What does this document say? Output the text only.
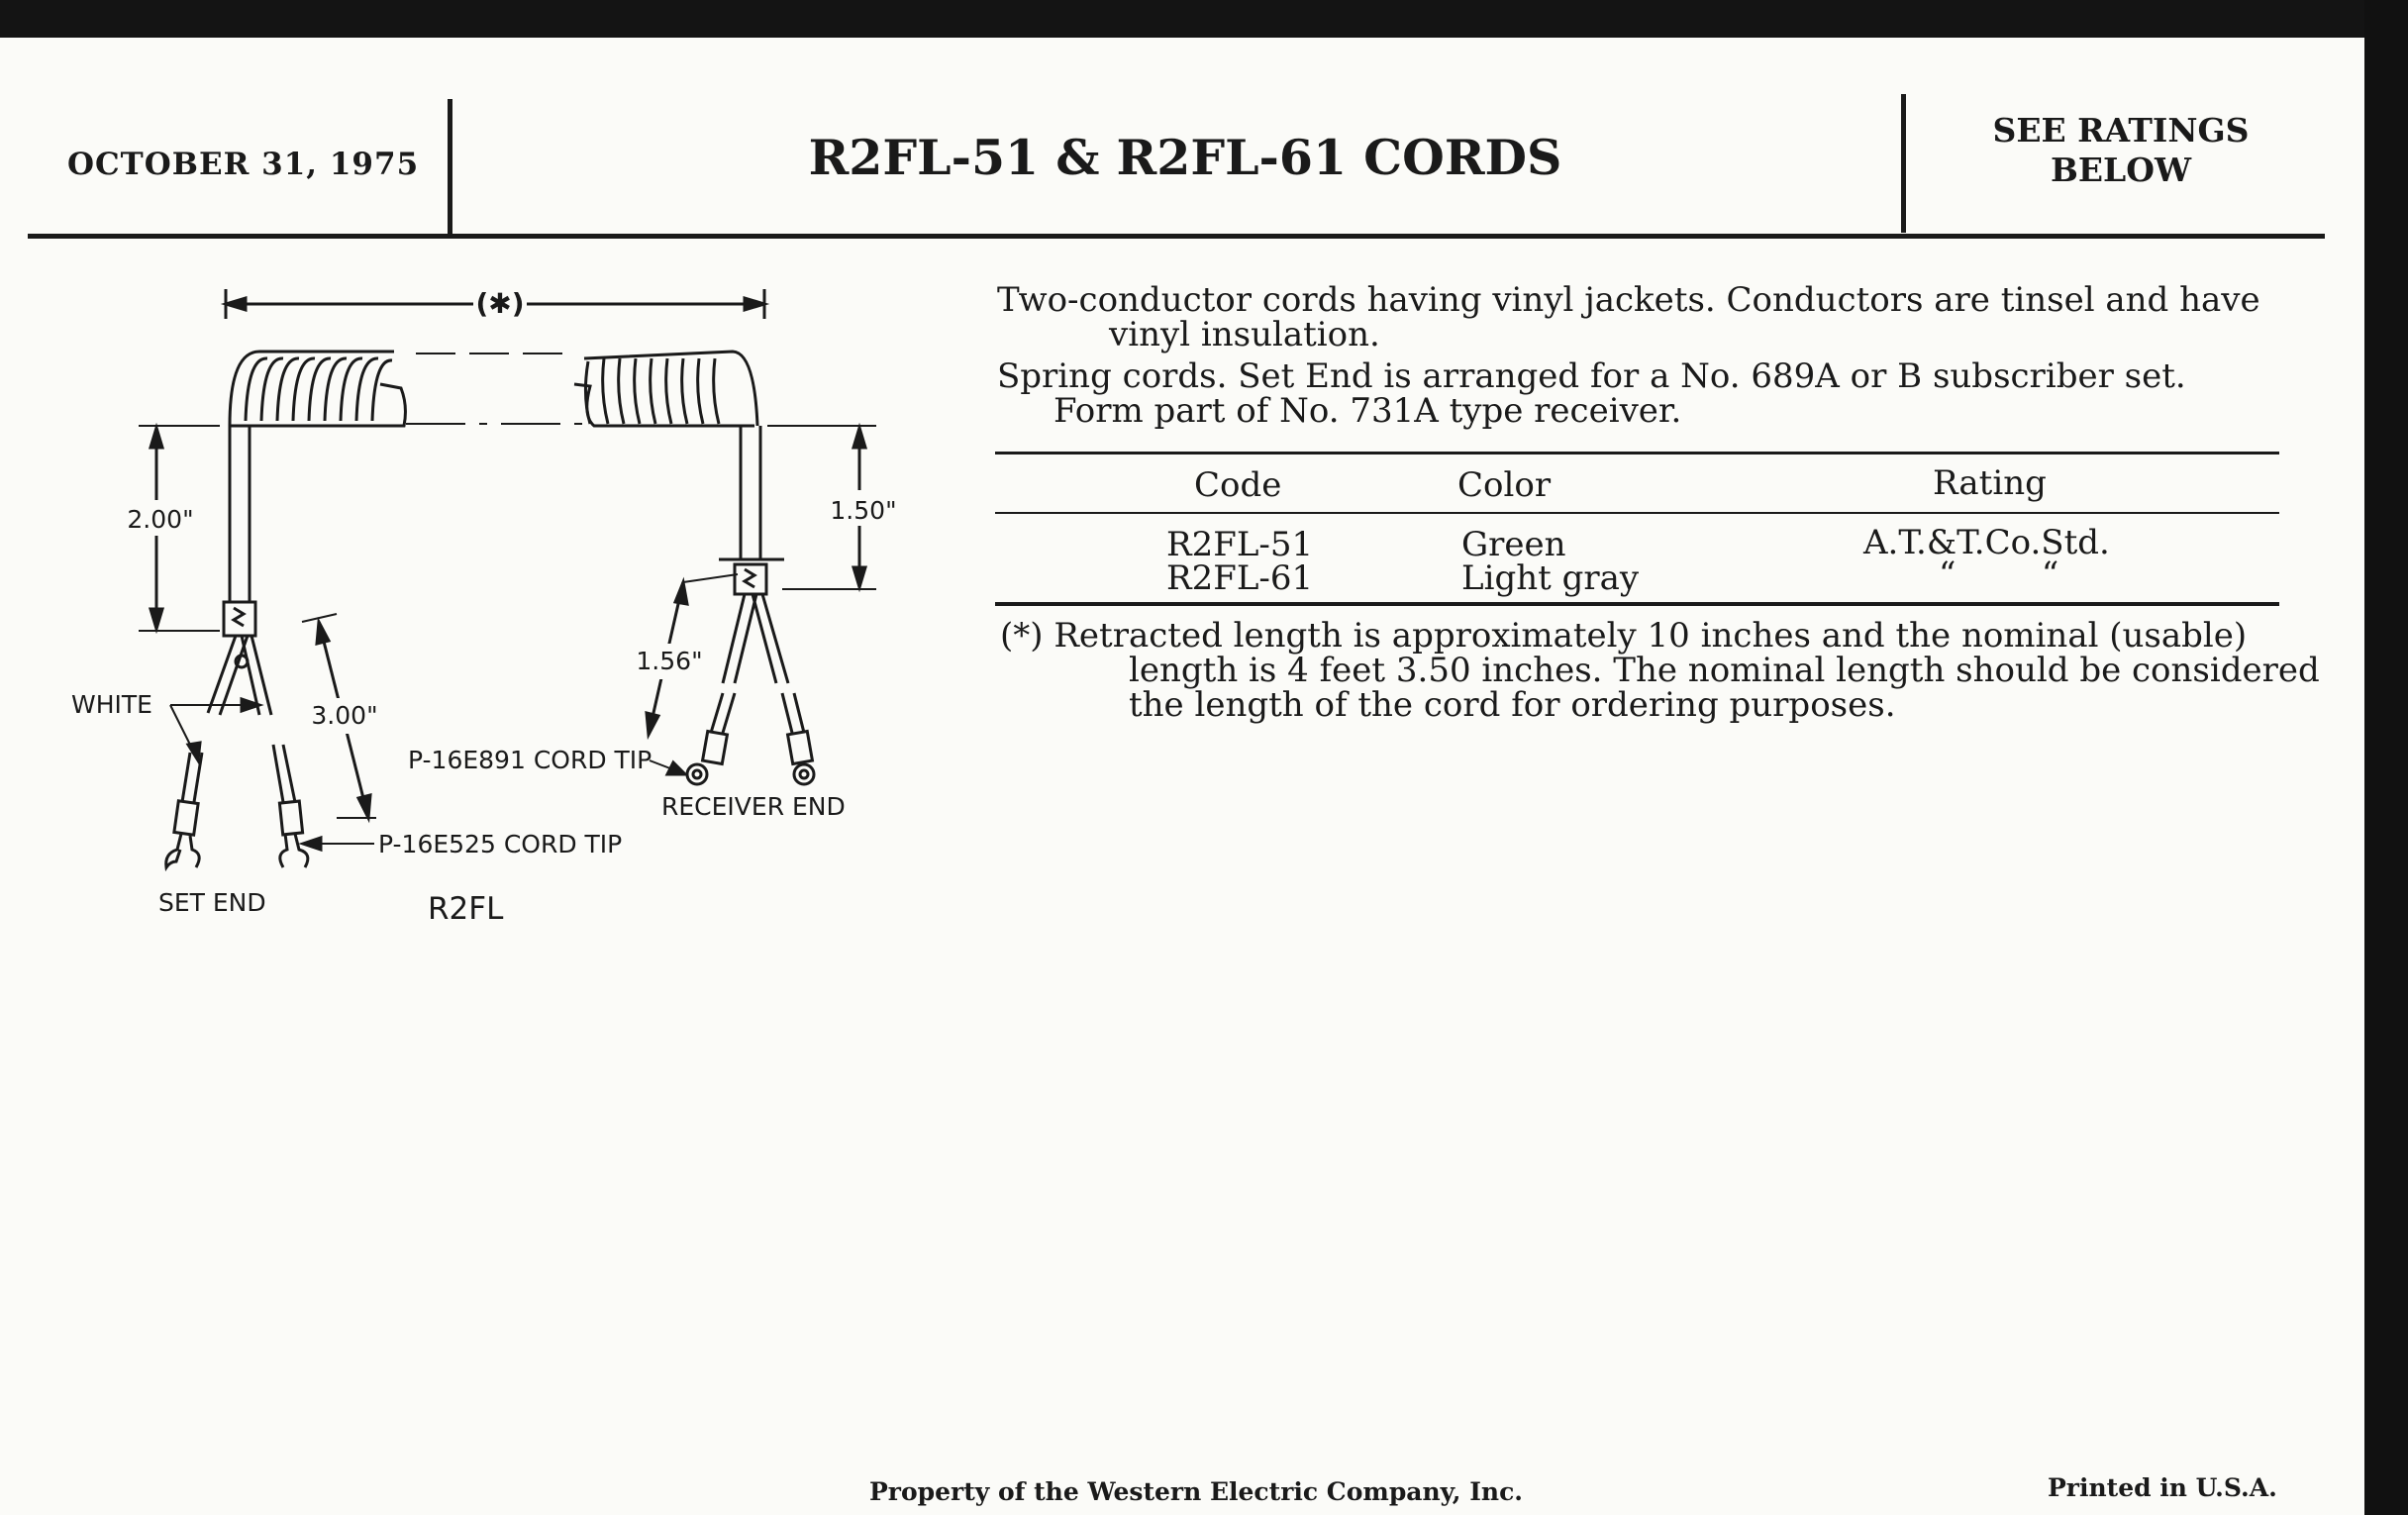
OCTOBER 31, 1975	R2FL-51 & R2FL-61 CORDS	SEE RATINGS
BELOW
(✱)
2.00"	1.50"
WHITE	3.00"
P-16E525 CORD TIP
1.56"
P-16E891 CORD TIP
RECEIVER END
SET END	R2FL
Two-conductor cords having vinyl jackets. Conductors are tinsel and have
vinyl insulation.
Spring cords. Set End is arranged for a No. 689A or B subscriber set.
Form part of No. 731A type receiver.
Code	Color	Rating
R2FL-51	Green	A.T.&T.Co.Std.
R2FL-61	Light gray	“        “
(*) Retracted length is approximately 10 inches and the nominal (usable)
length is 4 feet 3.50 inches. The nominal length should be considered
the length of the cord for ordering purposes.
Property of the Western Electric Company, Inc.	Printed in U.S.A.
